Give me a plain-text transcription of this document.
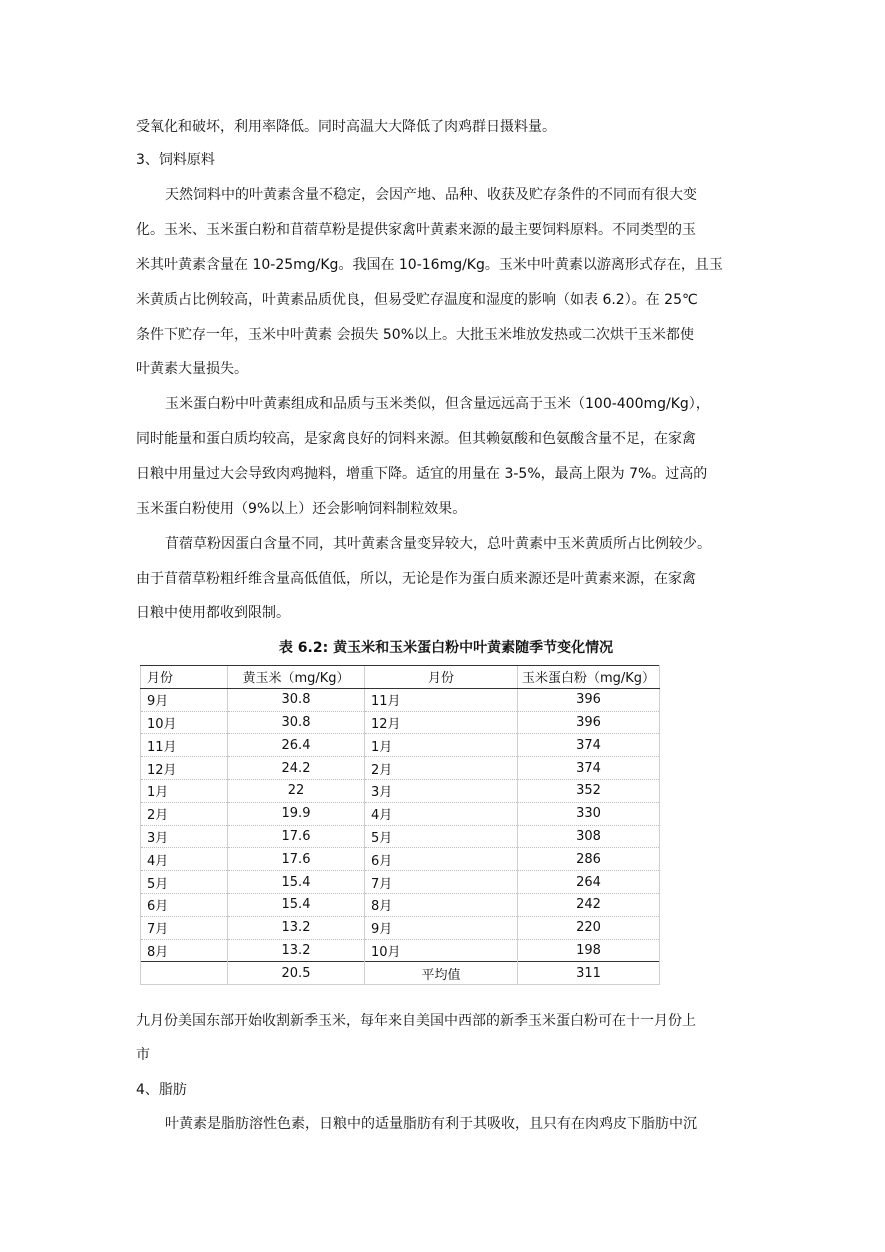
受氧化和破坏，利用率降低。同时高温大大降低了肉鸡群日摄料量。
3、饲料原料
天然饲料中的叶黄素含量不稳定，会因产地、品种、收获及贮存条件的不同而有很大变
化。玉米、玉米蛋白粉和苜蓿草粉是提供家禽叶黄素来源的最主要饲料原料。不同类型的玉
米其叶黄素含量在 10-25mg/Kg。我国在 10-16mg/Kg。玉米中叶黄素以游离形式存在，且玉
米黄质占比例较高，叶黄素品质优良，但易受贮存温度和湿度的影响（如表 6.2）。在 25℃
条件下贮存一年，玉米中叶黄素 会损失 50%以上。大批玉米堆放发热或二次烘干玉米都使
叶黄素大量损失。
玉米蛋白粉中叶黄素组成和品质与玉米类似，但含量远远高于玉米（100-400mg/Kg），
同时能量和蛋白质均较高，是家禽良好的饲料来源。但其赖氨酸和色氨酸含量不足，在家禽
日粮中用量过大会导致肉鸡抛料，增重下降。适宜的用量在 3-5%，最高上限为 7%。过高的
玉米蛋白粉使用（9%以上）还会影响饲料制粒效果。
苜蓿草粉因蛋白含量不同，其叶黄素含量变异较大，总叶黄素中玉米黄质所占比例较少。
由于苜蓿草粉粗纤维含量高低值低，所以，无论是作为蛋白质来源还是叶黄素来源，在家禽
日粮中使用都收到限制。
表 6.2: 黄玉米和玉米蛋白粉中叶黄素随季节变化情况
月份	黄玉米（mg/Kg）	月份	玉米蛋白粉（mg/Kg）
9月	30.8	11月	396
10月	30.8	12月	396
11月	26.4	1月	374
12月	24.2	2月	374
1月	22	3月	352
2月	19.9	4月	330
3月	17.6	5月	308
4月	17.6	6月	286
5月	15.4	7月	264
6月	15.4	8月	242
7月	13.2	9月	220
8月	13.2	10月	198
	20.5	平均值	311
九月份美国东部开始收割新季玉米，每年来自美国中西部的新季玉米蛋白粉可在十一月份上
市
4、脂肪
叶黄素是脂肪溶性色素，日粮中的适量脂肪有利于其吸收，且只有在肉鸡皮下脂肪中沉
